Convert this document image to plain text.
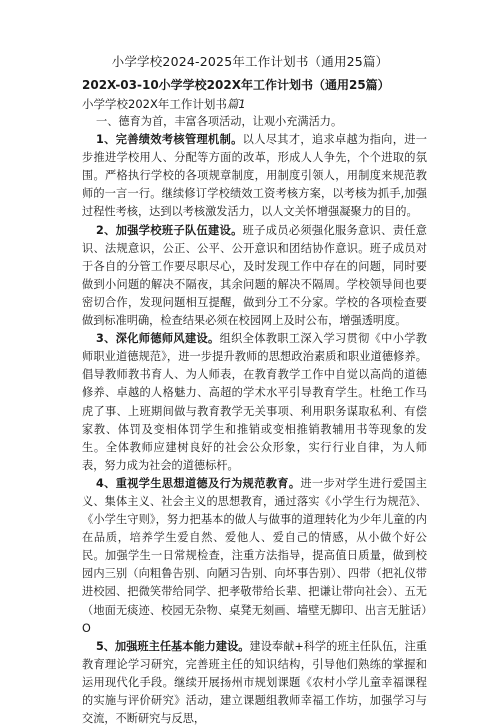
小学学校2024-2025年工作计划书（通用25篇）
202X-03-10小学学校202X年工作计划书（通用25篇）
小学学校202X年工作计划书篇1

一、德育为首，丰富各项活动，让观小充满活力。

1、完善绩效考核管理机制。以人尽其才，追求卓越为指向，进一步推进学校用人、分配等方面的改革，形成人人争先，个个进取的氛围。严格执行学校的各项规章制度，用制度引领人，用制度来规范教师的一言一行。继续修订学校绩效工资考核方案，以考核为抓手,加强过程性考核，达到以考核激发活力，以人文关怀增强凝聚力的目的。

2、加强学校班子队伍建设。班子成员必须强化服务意识、责任意识、法规意识，公正、公平、公开意识和团结协作意识。班子成员对于各自的分管工作要尽职尽心，及时发现工作中存在的问题，同时要做到小问题的解决不隔夜，其余问题的解决不隔周。学校领导间也要密切合作，发现问题相互提醒，做到分工不分家。学校的各项检查要做到标准明确，检查结果必须在校园网上及时公布，增强透明度。

3、深化师德师风建设。组织全体教职工深入学习贯彻《中小学教师职业道德规范》，进一步提升教师的思想政治素质和职业道德修养。倡导教师教书育人、为人师表，在教育教学工作中自觉以高尚的道德修养、卓越的人格魅力、高超的学术水平引导教育学生。杜绝工作马虎了事、上班期间做与教育教学无关事项、利用职务谋取私利、有偿家教、体罚及变相体罚学生和推销或变相推销教辅用书等现象的发生。全体教师应建树良好的社会公众形象，实行行业自律，为人师表，努力成为社会的道德标杆。

4、重视学生思想道德及行为规范教育。进一步对学生进行爱国主义、集体主义、社会主义的思想教育，通过落实《小学生行为规范》、《小学生守则》，努力把基本的做人与做事的道理转化为少年儿童的内在品质，培养学生爱自然、爱他人、爱自己的情感，从小做个好公民。加强学生一日常规检查，注重方法指导，提高值日质量，做到校园内三别（向粗鲁告别、向陋习告别、向坏事告别）、四带（把礼仪带进校园、把微笑带给同学、把孝敬带给长辈、把谦让带向社会）、五无（地面无痰迹、校园无杂物、桌凳无刻画、墙壁无脚印、出言无脏话）O

5、加强班主任基本能力建设。建设奉献+科学的班主任队伍，注重教育理论学习研究，完善班主任的知识结构，引导他们熟练的掌握和运用现代化手段。继续开展扬州市规划课题《农村小学儿童幸福课程的实施与评价研究》活动，建立课题组教师幸福工作坊，加强学习与交流，不断研究与反思，
